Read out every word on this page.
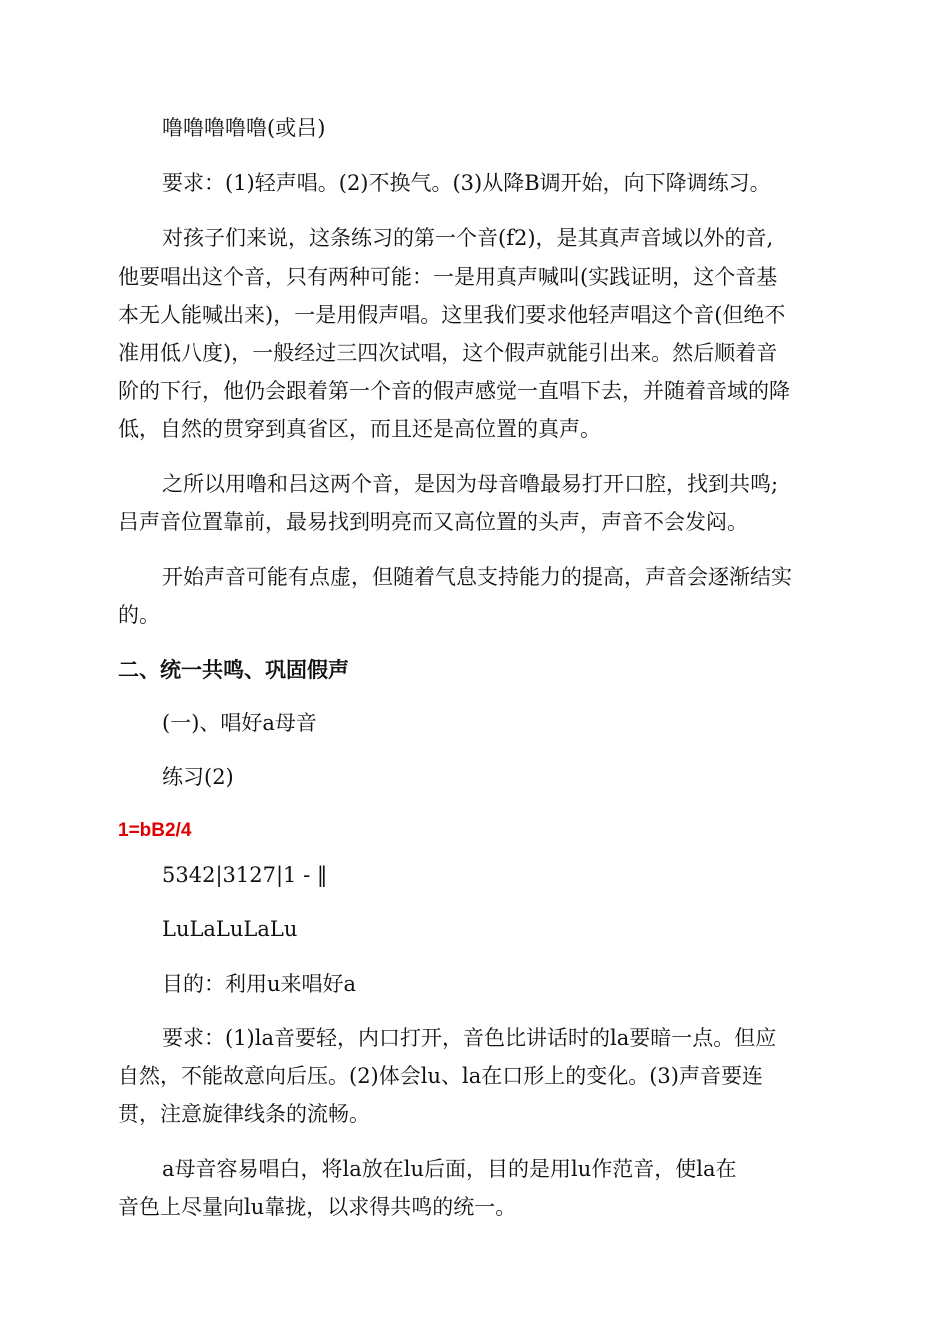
噜噜噜噜噜(或吕)
要求：(1)轻声唱。(2)不换气。(3)从降B调开始，向下降调练习。
对孩子们来说，这条练习的第一个音(f2)，是其真声音域以外的音,
他要唱出这个音，只有两种可能：一是用真声喊叫(实践证明，这个音基
本无人能喊出来)，一是用假声唱。这里我们要求他轻声唱这个音(但绝不
准用低八度)，一般经过三四次试唱，这个假声就能引出来。然后顺着音
阶的下行，他仍会跟着第一个音的假声感觉一直唱下去，并随着音域的降
低，自然的贯穿到真省区，而且还是高位置的真声。
之所以用噜和吕这两个音，是因为母音噜最易打开口腔，找到共鸣;
吕声音位置靠前，最易找到明亮而又高位置的头声，声音不会发闷。
开始声音可能有点虚，但随着气息支持能力的提高，声音会逐渐结实
的。
二、统一共鸣、巩固假声
(一)、唱好a母音
练习(2)
1=bB2/4
5342|3127|1 - ‖
LuLaLuLaLu
目的：利用u来唱好a
要求：(1)la音要轻，内口打开，音色比讲话时的la要暗一点。但应
自然，不能故意向后压。(2)体会lu、la在口形上的变化。(3)声音要连
贯，注意旋律线条的流畅。
a母音容易唱白，将la放在lu后面，目的是用lu作范音，使la在
音色上尽量向lu靠拢，以求得共鸣的统一。
